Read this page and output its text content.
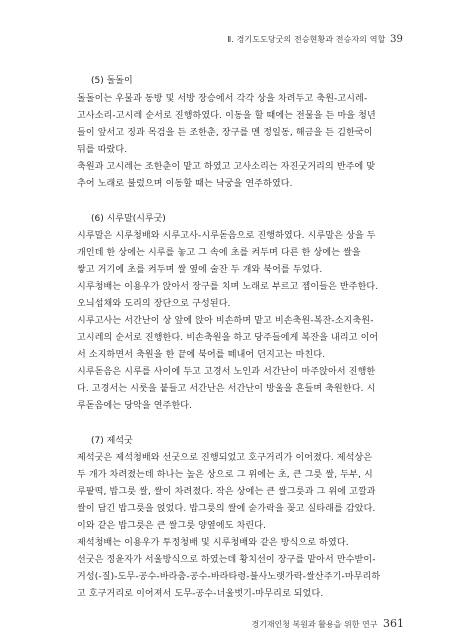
Ⅱ. 경기도도당굿의 전승현황과 전승자의 역할 39
(5) 돌돌이
돌돌이는 우물과 동방 및 서방 장승에서 각각 상을 차려두고 축원-고시레-
고사소리-고시레 순서로 진행하였다. 이동을 할 때에는 전물을 든 마을 청년
들이 앞서고 징과 목검을 든 조한춘, 장구를 멘 정일동, 해금을 든 김한국이
뒤를 따랐다.
축원과 고시레는 조한춘이 맡고 하였고 고사소리는 자진굿거리의 반주에 맞
추어 노래로 불렀으며 이동할 때는 낙궁을 연주하였다.
(6) 시루말(시루굿)
시루말은 시루청배와 시루고사-시루돋음으로 진행하였다. 시루말은 상을 두
개인데 한 상에는 시루를 놓고 그 속에 초를 켜두며 다른 한 상에는 쌀을
쌓고 거기에 초를 켜두며 쌀 옆에 술잔 두 개와 북어를 두었다.
시루청배는 이용우가 앉아서 장구를 치며 노래로 부르고 젭이들은 반주한다.
오늬섭채와 도리의 장단으로 구성된다.
시루고사는 서간난이 상 앞에 앉아 비손하며 맡고 비손축원-복잔-소지축원-
고시레의 순서로 진행한다. 비손축원을 하고 당주들에게 복잔을 내리고 이어
서 소지하면서 축원을 한 끝에 북어를 떼내어 던지고는 마친다.
시루돋음은 시루를 사이에 두고 고경서 노인과 서간난이 마주앉아서 진행한
다. 고경서는 시룻을 붙들고 서간난은 서간난이 방울을 흔들며 축원한다. 시
루돋음에는 당악을 연주한다.
(7) 제석굿
제석굿은 제석청배와 선굿으로 진행되었고 호구거리가 이어졌다. 제석상은
두 개가 차려졌는데 하나는 높은 상으로 그 위에는 초, 큰 그릇 쌀, 두부, 시
루팥떡, 밥그릇 쌀, 쌀이 차려졌다. 작은 상에는 큰 쌀그릇과 그 위에 고깔과
쌀이 담긴 밥그릇을 얹었다. 밥그릇의 쌀에 숟가락을 꽂고 실타래를 감았다.
이와 같은 밥그릇은 큰 쌀그릇 양옆에도 차린다.
제석청배는 이용우가 투정청배 및 시루청배와 같은 방식으로 하였다.
선굿은 정윤자가 서울방식으로 하였는데 황치선이 장구를 맡아서 만수받이-
거성(-질)-도무-공수-바라춤-공수-바라타령-불사노랫가락-쌀산주기-마무리하
고 호구거리로 이어져서 도무-공수-너울벗기-마무리로 되었다.
경기재인청 복원과 활용을 위한 연구 361
